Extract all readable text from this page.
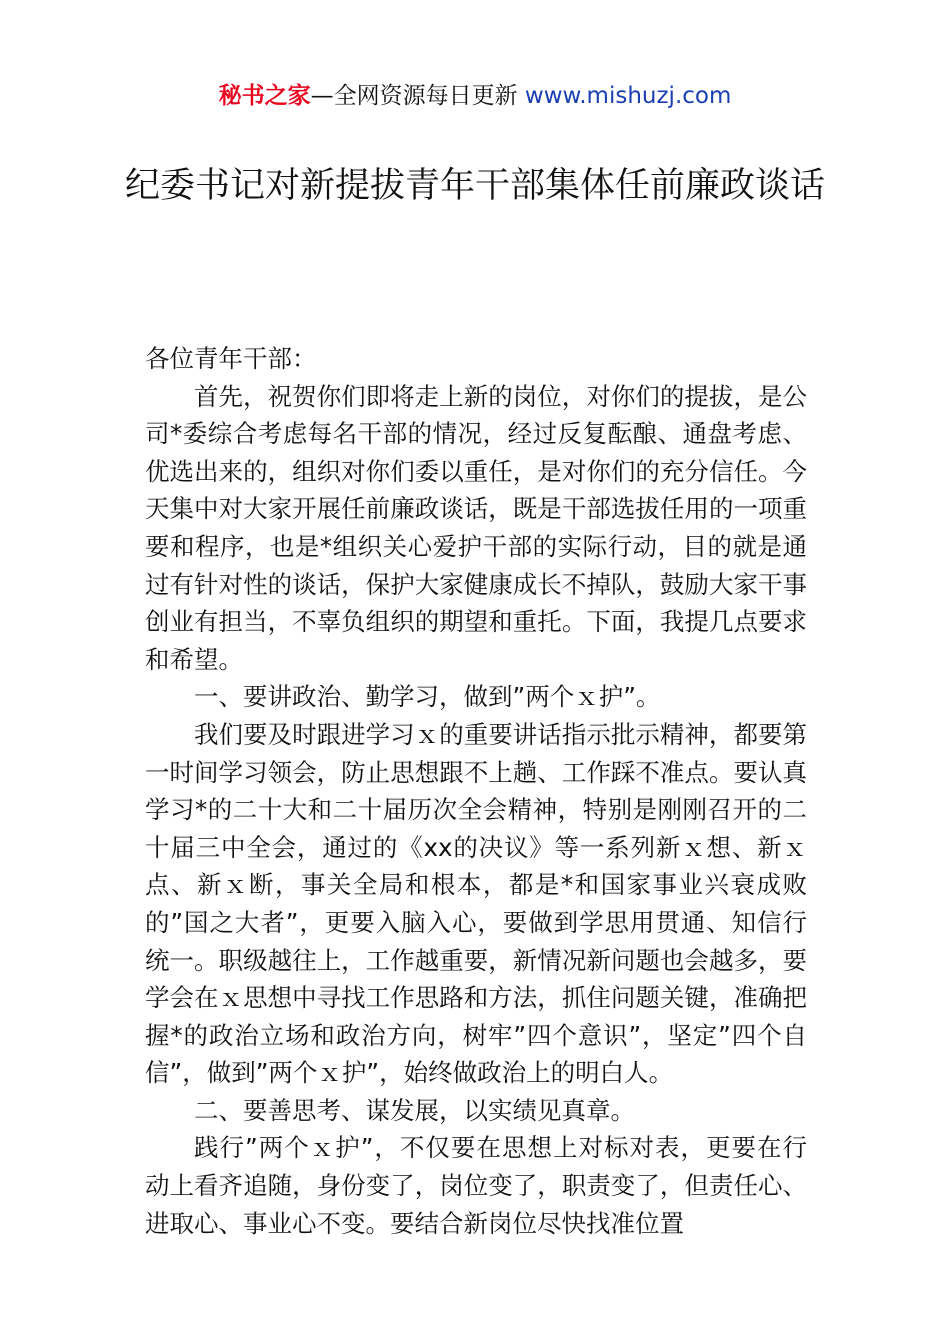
秘书之家—全网资源每日更新 www.mishuzj.com
纪委书记对新提拔青年干部集体任前廉政谈话

各位青年干部：

首先，祝贺你们即将走上新的岗位，对你们的提拔，是公司*委综合考虑每名干部的情况，经过反复酝酿、通盘考虑、优选出来的，组织对你们委以重任，是对你们的充分信任。今天集中对大家开展任前廉政谈话，既是干部选拔任用的一项重要和程序，也是*组织关心爱护干部的实际行动，目的就是通过有针对性的谈话，保护大家健康成长不掉队，鼓励大家干事创业有担当，不辜负组织的期望和重托。下面，我提几点要求和希望。

一、要讲政治、勤学习，做到”两个ｘ护”。

我们要及时跟进学习ｘ的重要讲话指示批示精神，都要第一时间学习领会，防止思想跟不上趟、工作踩不准点。要认真学习*的二十大和二十届历次全会精神，特别是刚刚召开的二十届三中全会，通过的《xx的决议》等一系列新ｘ想、新ｘ点、新ｘ断，事关全局和根本，都是*和国家事业兴衰成败的”国之大者”，更要入脑入心，要做到学思用贯通、知信行统一。职级越往上，工作越重要，新情况新问题也会越多，要学会在ｘ思想中寻找工作思路和方法，抓住问题关键，准确把握*的政治立场和政治方向，树牢”四个意识”，坚定”四个自信”，做到”两个ｘ护”，始终做政治上的明白人。

二、要善思考、谋发展，以实绩见真章。

践行”两个ｘ护”，不仅要在思想上对标对表，更要在行动上看齐追随，身份变了，岗位变了，职责变了，但责任心、进取心、事业心不变。要结合新岗位尽快找准位置
